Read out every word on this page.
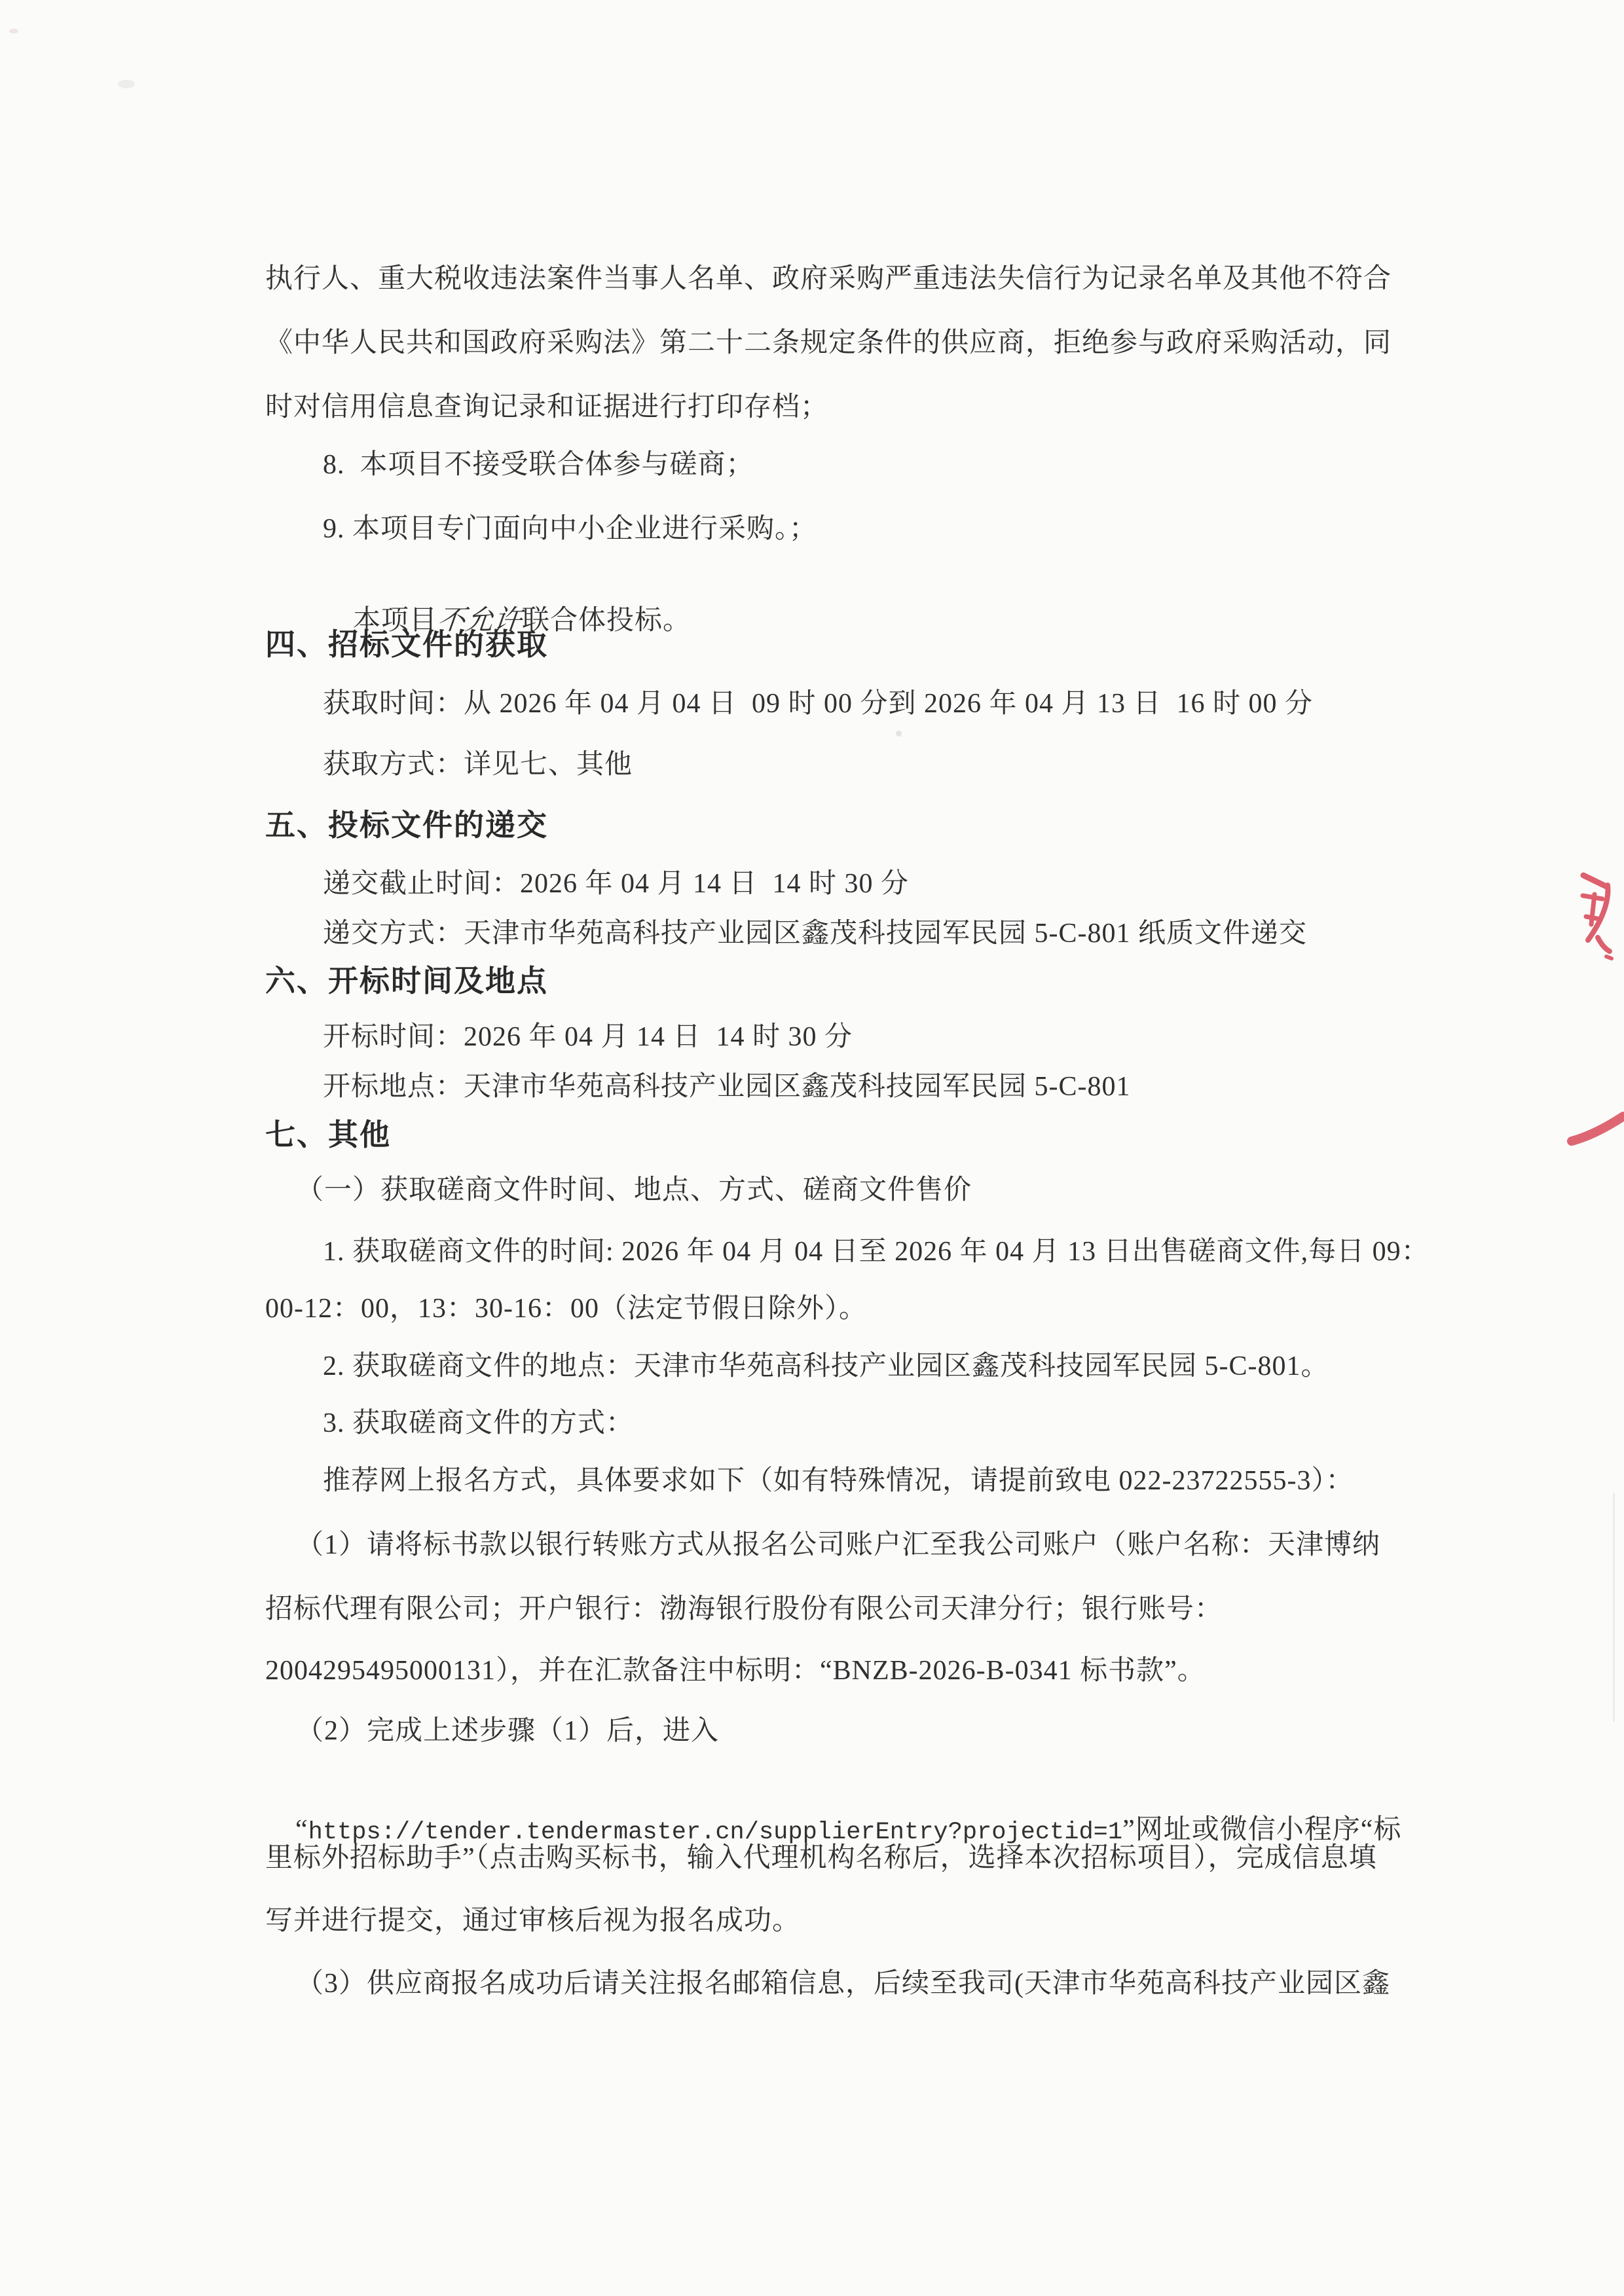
执行人、重大税收违法案件当事人名单、政府采购严重违法失信行为记录名单及其他不符合
《中华人民共和国政府采购法》第二十二条规定条件的供应商，拒绝参与政府采购活动，同
时对信用信息查询记录和证据进行打印存档；
8.  本项目不接受联合体参与磋商；
9. 本项目专门面向中小企业进行采购。；

本项目不允许联合体投标。

四、招标文件的获取
获取时间：从 2026 年 04 月 04 日  09 时 00 分到 2026 年 04 月 13 日  16 时 00 分
获取方式：详见七、其他
五、投标文件的递交
递交截止时间：2026 年 04 月 14 日  14 时 30 分
递交方式：天津市华苑高科技产业园区鑫茂科技园军民园 5-C-801 纸质文件递交
六、开标时间及地点
开标时间：2026 年 04 月 14 日  14 时 30 分
开标地点：天津市华苑高科技产业园区鑫茂科技园军民园 5-C-801
七、其他
（一）获取磋商文件时间、地点、方式、磋商文件售价
1. 获取磋商文件的时间: 2026 年 04 月 04 日至 2026 年 04 月 13 日出售磋商文件,每日 09：
00-12：00，13：30-16：00（法定节假日除外）。
2. 获取磋商文件的地点：天津市华苑高科技产业园区鑫茂科技园军民园 5-C-801。
3. 获取磋商文件的方式：
推荐网上报名方式，具体要求如下（如有特殊情况，请提前致电 022-23722555-3）：
（1）请将标书款以银行转账方式从报名公司账户汇至我公司账户（账户名称：天津博纳
招标代理有限公司；开户银行：渤海银行股份有限公司天津分行；银行账号：
2004295495000131），并在汇款备注中标明：“BNZB-2026-B-0341 标书款”。
（2）完成上述步骤（1）后，进入

“https://tender.tendermaster.cn/supplierEntry?projectid=1”网址或微信小程序“标

里标外招标助手”（点击购买标书，输入代理机构名称后，选择本次招标项目），完成信息填
写并进行提交，通过审核后视为报名成功。
（3）供应商报名成功后请关注报名邮箱信息，后续至我司(天津市华苑高科技产业园区鑫
